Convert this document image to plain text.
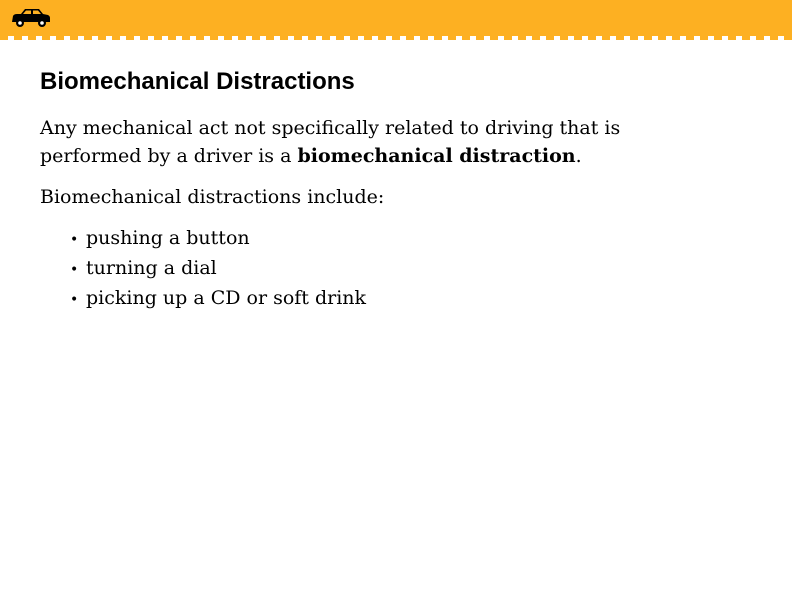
Biomechanical Distractions

Any mechanical act not specifically related to driving that is performed by a driver is a biomechanical distraction.

Biomechanical distractions include:

• pushing a button
• turning a dial
• picking up a CD or soft drink
